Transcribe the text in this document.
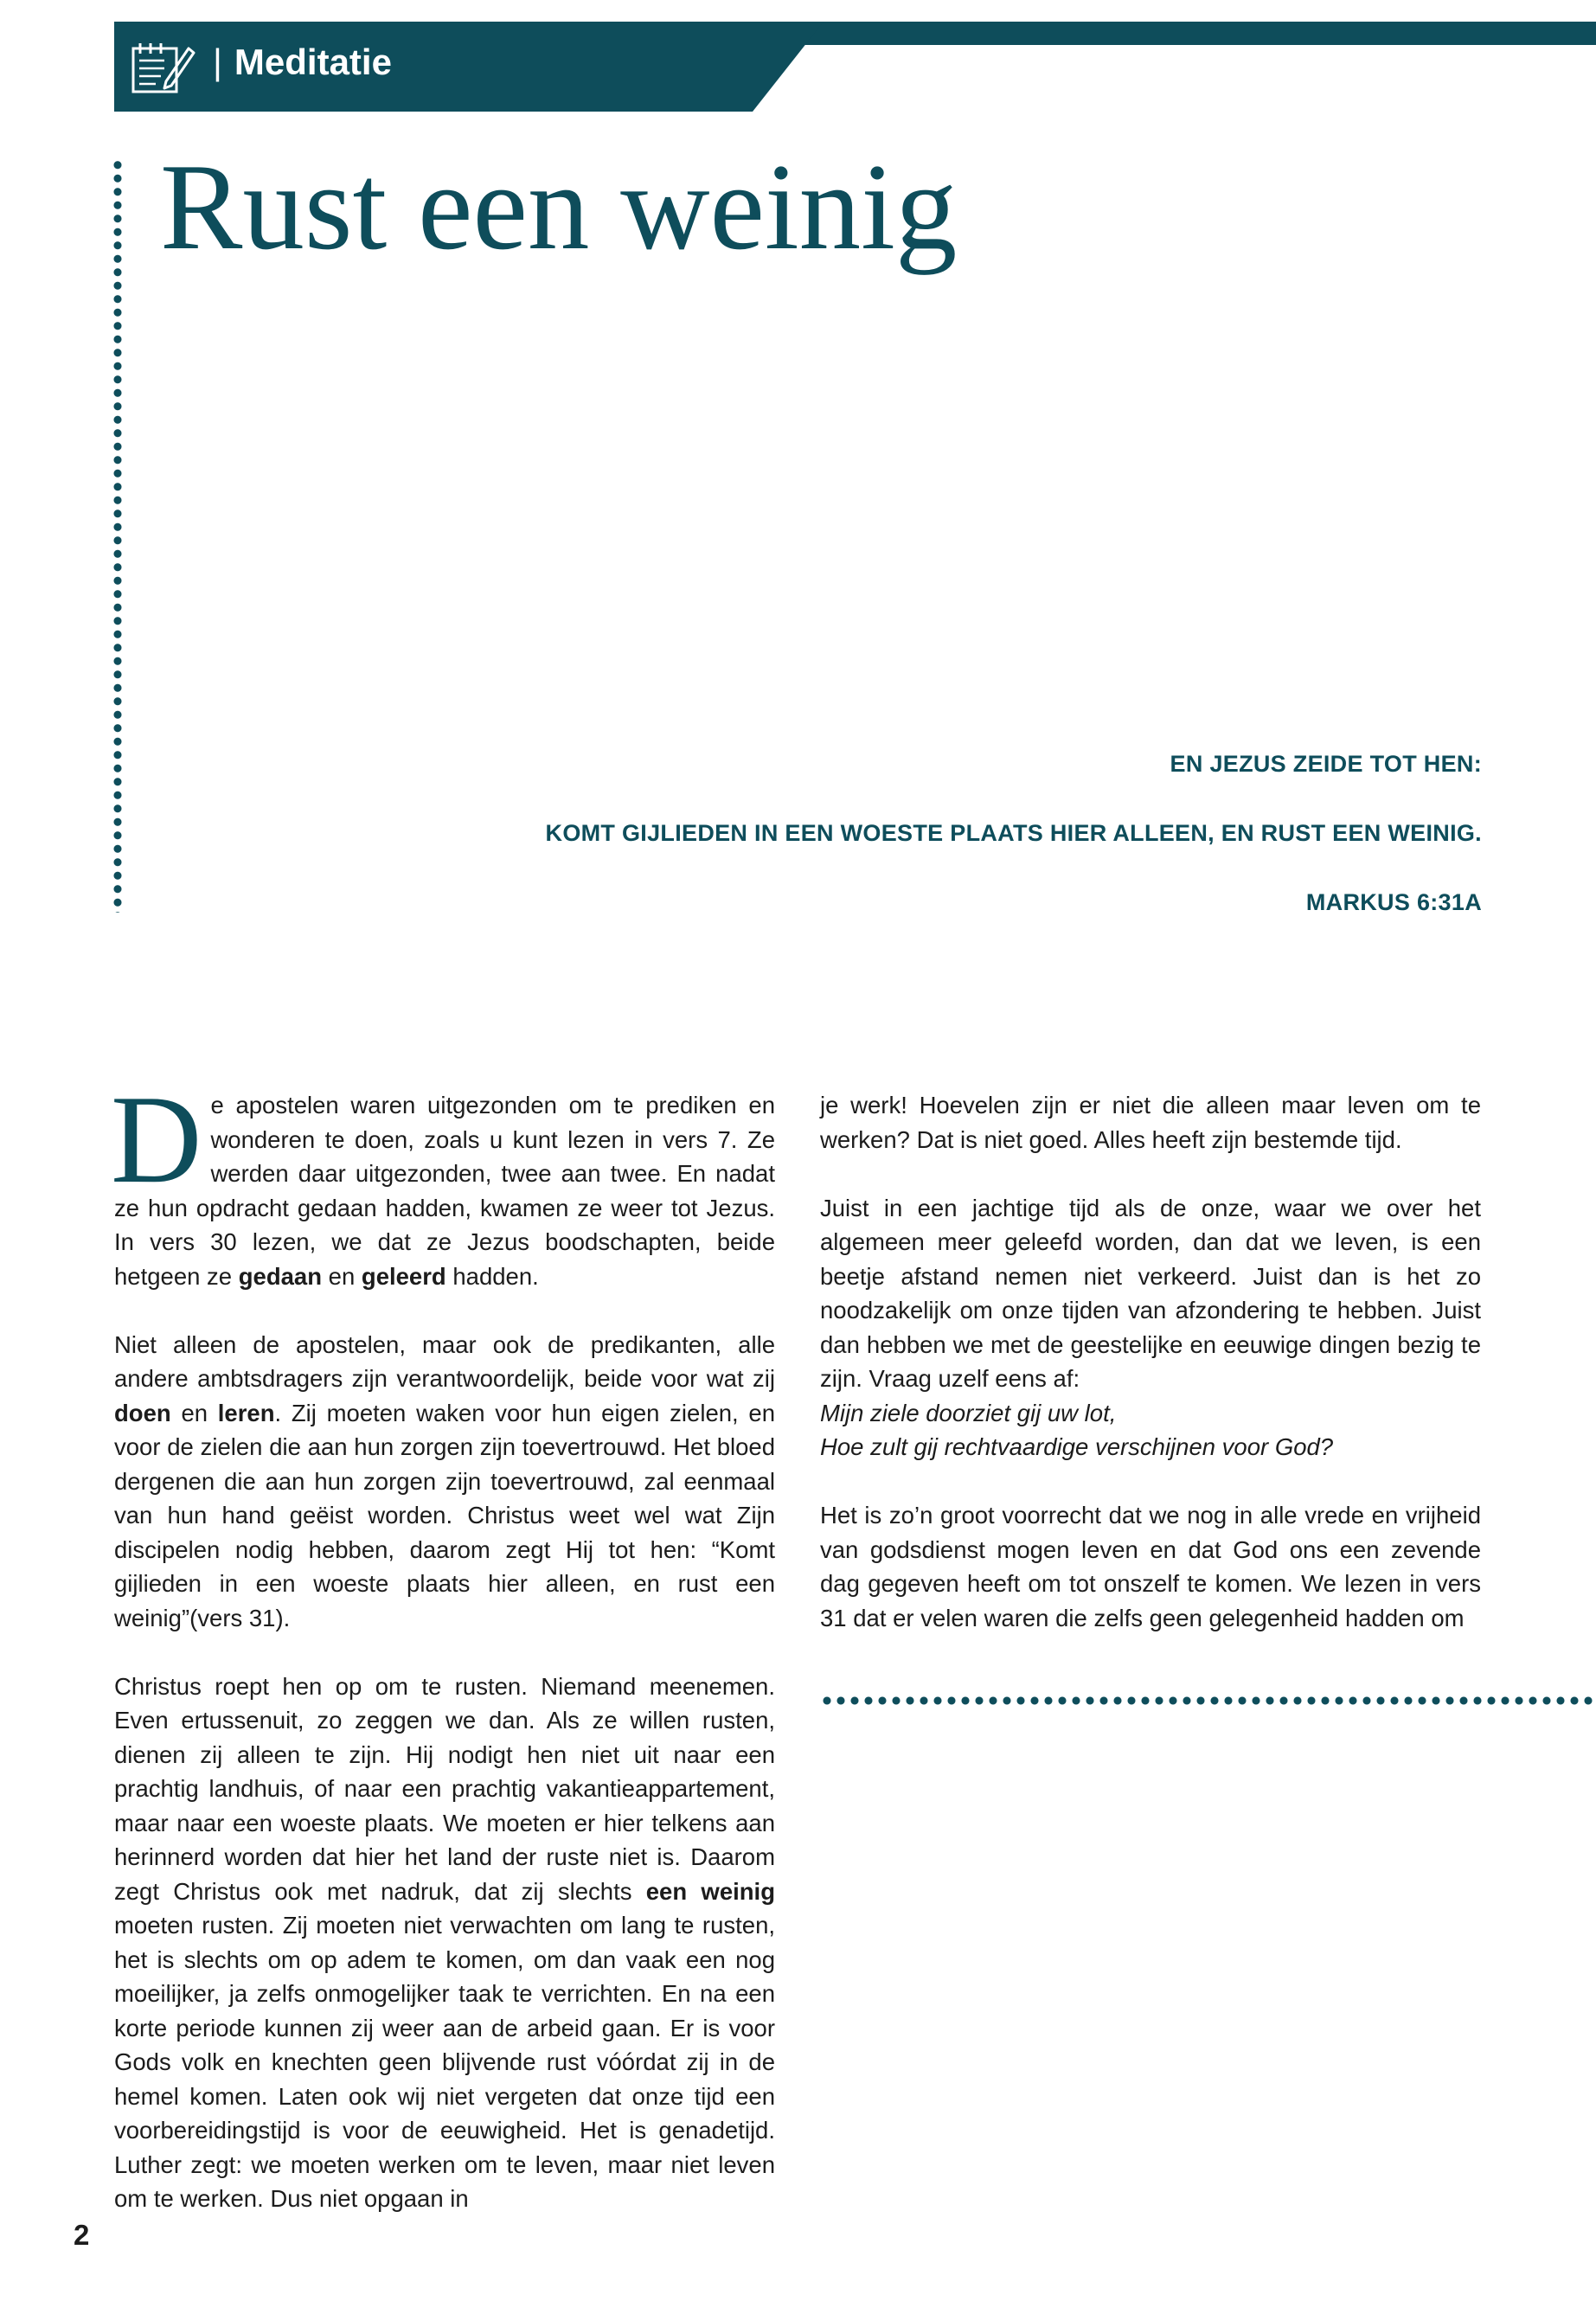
| Meditatie
Rust een weinig

EN JEZUS ZEIDE TOT HEN:

KOMT GIJLIEDEN IN EEN WOESTE PLAATS HIER ALLEEN, EN RUST EEN WEINIG.

MARKUS 6:31A

De apostelen waren uitgezonden om te prediken en wonderen te doen, zoals u kunt lezen in vers 7. Ze werden daar uitgezonden, twee aan twee. En nadat ze hun opdracht gedaan hadden, kwamen ze weer tot Jezus. In vers 30 lezen, we dat ze Jezus boodschapten, beide hetgeen ze gedaan en geleerd hadden.

Niet alleen de apostelen, maar ook de predikanten, alle andere ambtsdragers zijn verantwoordelijk, beide voor wat zij doen en leren. Zij moeten waken voor hun eigen zielen, en voor de zielen die aan hun zorgen zijn toevertrouwd. Het bloed dergenen die aan hun zorgen zijn toevertrouwd, zal eenmaal van hun hand geëist worden. Christus weet wel wat Zijn discipelen nodig hebben, daarom zegt Hij tot hen: “Komt gijlieden in een woeste plaats hier alleen, en rust een weinig”(vers 31).

Christus roept hen op om te rusten. Niemand meenemen. Even ertussenuit, zo zeggen we dan. Als ze willen rusten, dienen zij alleen te zijn. Hij nodigt hen niet uit naar een prachtig landhuis, of naar een prachtig vakantieappartement, maar naar een woeste plaats. We moeten er hier telkens aan herinnerd worden dat hier het land der ruste niet is. Daarom zegt Christus ook met nadruk, dat zij slechts een weinig moeten rusten. Zij moeten niet verwachten om lang te rusten, het is slechts om op adem te komen, om dan vaak een nog moeilijker, ja zelfs onmogelijker taak te verrichten. En na een korte periode kunnen zij weer aan de arbeid gaan. Er is voor Gods volk en knechten geen blijvende rust vóórdat zij in de hemel komen. Laten ook wij niet vergeten dat onze tijd een voorbereidingstijd is voor de eeuwigheid. Het is genadetijd. Luther zegt: we moeten werken om te leven, maar niet leven om te werken. Dus niet opgaan in

je werk! Hoevelen zijn er niet die alleen maar leven om te werken? Dat is niet goed. Alles heeft zijn bestemde tijd.

Juist in een jachtige tijd als de onze, waar we over het algemeen meer geleefd worden, dan dat we leven, is een beetje afstand nemen niet verkeerd. Juist dan is het zo noodzakelijk om onze tijden van afzondering te hebben. Juist dan hebben we met de geestelijke en eeuwige dingen bezig te zijn. Vraag uzelf eens af:
Mijn ziele doorziet gij uw lot,
Hoe zult gij rechtvaardige verschijnen voor God?

Het is zo’n groot voorrecht dat we nog in alle vrede en vrijheid van godsdienst mogen leven en dat God ons een zevende dag gegeven heeft om tot onszelf te komen. We lezen in vers 31 dat er velen waren die zelfs geen gelegenheid hadden om

2
